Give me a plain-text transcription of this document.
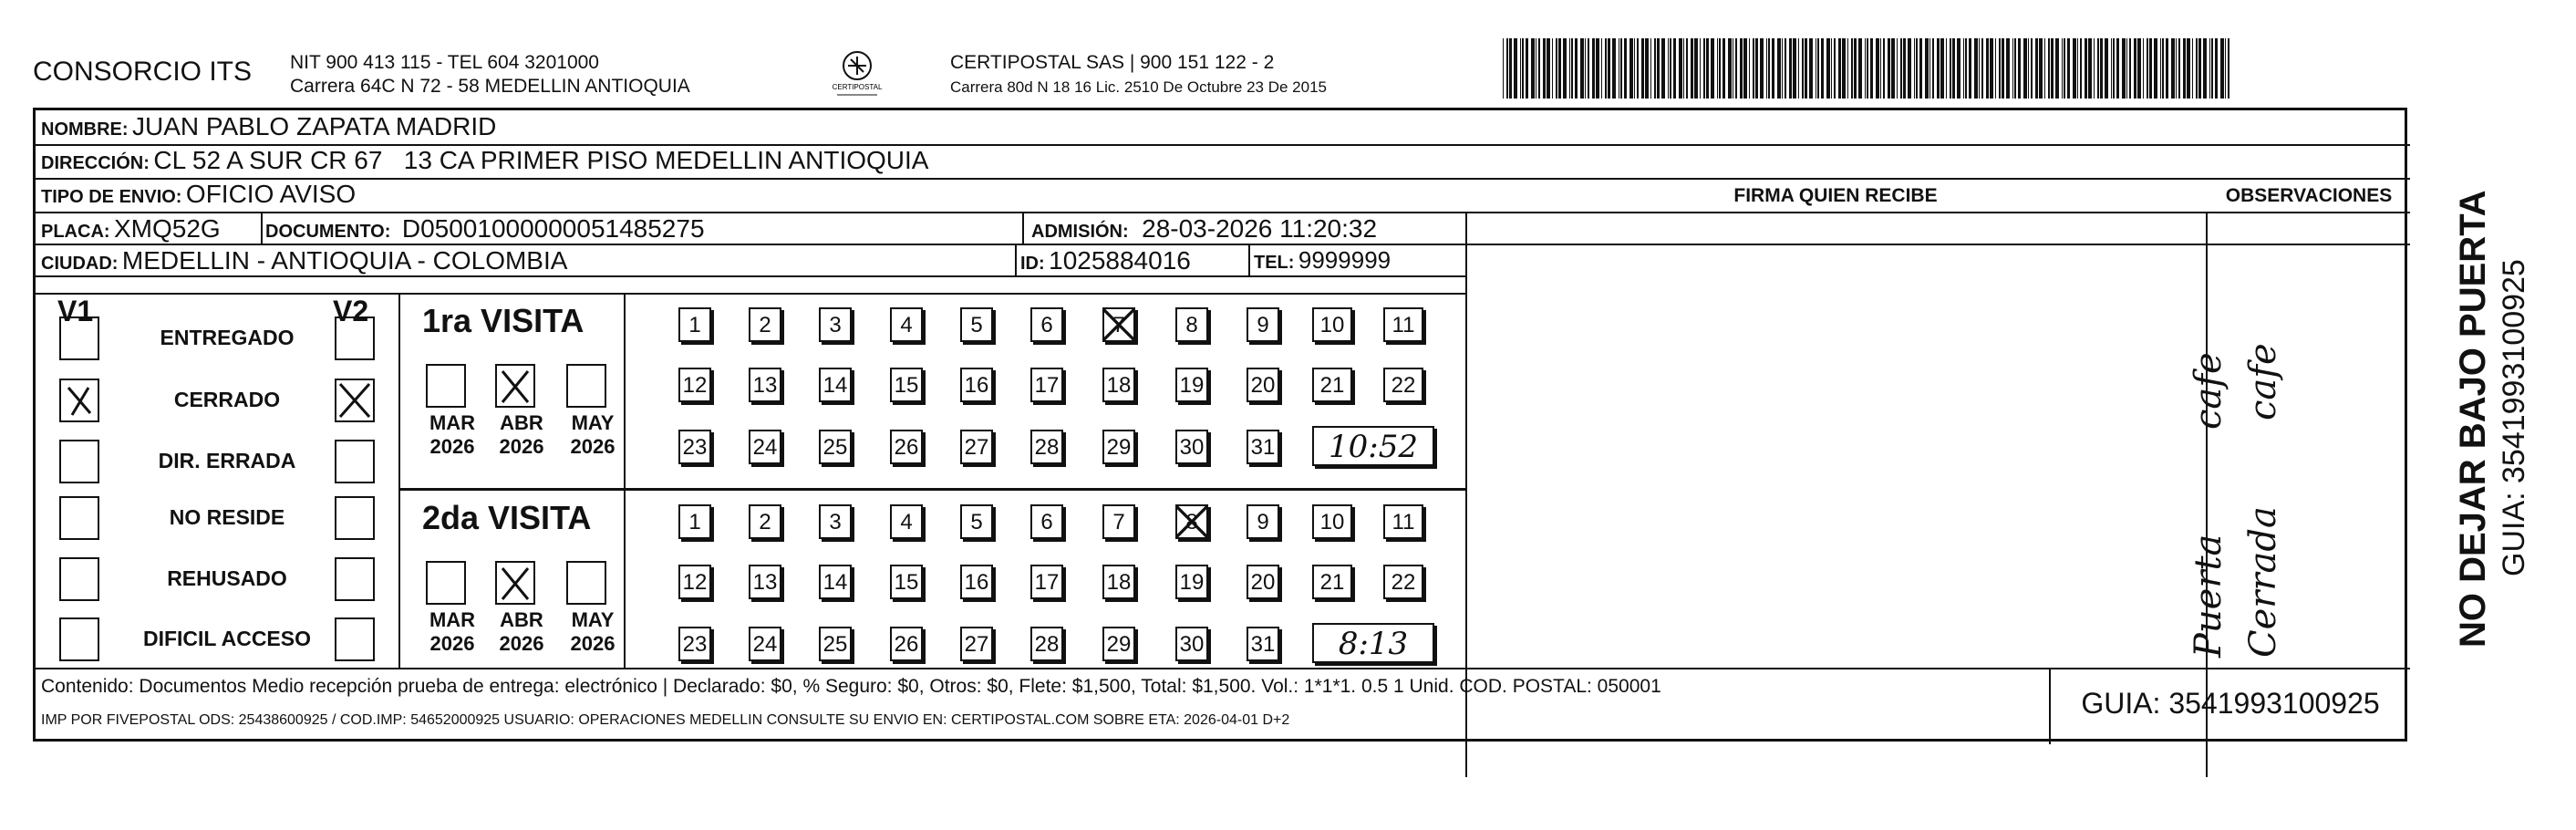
CONSORCIO ITS NIT 900 413 115 - TEL 604 3201000
Carrera 64C N 72 - 58 MEDELLIN ANTIOQUIA	CERTIPOSTAL
CERTIPOSTAL SAS | 900 151 122 - 2
Carrera 80d N 18 16 Lic. 2510 De Octubre 23 De 2015
NOMBRE: JUAN PABLO ZAPATA MADRID
DIRECCIÓN: CL 52 A SUR CR 67   13 CA PRIMER PISO MEDELLIN ANTIOQUIA
TIPO DE ENVIO: OFICIO AVISO	FIRMA QUIEN RECIBE	OBSERVACIONES
PLACA: XMQ52G DOCUMENTO: D05001000000051485275	ADMISIÓN: 28-03-2026 11:20:32
CIUDAD: MEDELLIN - ANTIOQUIA - COLOMBIA	ID: 1025884016	TEL: 9999999
V1	V2
ENTREGADO
CERRADO
DIR. ERRADA
NO RESIDE
REHUSADO
DIFICIL ACCESO
1ra VISITA
MAR
2026
ABR
2026
MAY
2026
1	2	3	4	5	6	7	8	9	10	11
12 13 14 15 16 17 18 19 20	21	22
23 24 25 26 27 28 29 30 31	10:52
2da VISITA
MAR
2026
ABR
2026
MAY
2026
1	2	3	4	5	6	7	8	9	10	11
12 13 14 15 16 17 18 19 20	21	22
23 24 25 26 27 28 29 30 31	8:13
cafe cafe
Puerta Cerrada
Contenido: Documentos Medio recepción prueba de entrega: electrónico | Declarado: $0, % Seguro: $0, Otros: $0, Flete: $1,500, Total: $1,500. Vol.: 1*1*1. 0.5 1 Unid. COD. POSTAL: 050001
IMP POR FIVEPOSTAL ODS: 25438600925 / COD.IMP: 54652000925 USUARIO: OPERACIONES MEDELLIN CONSULTE SU ENVIO EN: CERTIPOSTAL.COM SOBRE ETA: 2026-04-01 D+2
GUIA: 3541993100925
NO DEJAR BAJO PUERTA GUIA: 3541993100925
